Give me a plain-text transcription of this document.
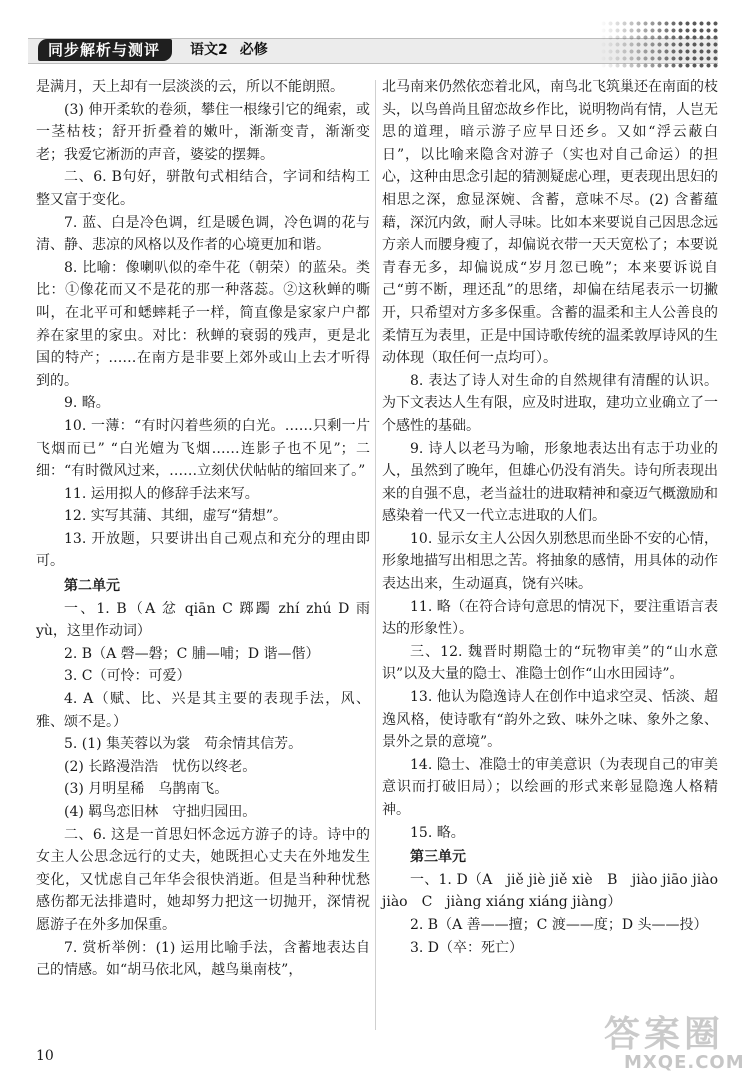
同步解析与测评	语文2 必修

是满月，天上却有一层淡淡的云，所以不能朗照。

(3) 伸开柔软的卷须，攀住一根缘引它的绳索，或一茎枯枝；舒开折叠着的嫩叶，渐渐变青，渐渐变老；我爱它淅沥的声音，婆娑的摆舞。

二、6. B句好，骈散句式相结合，字词和结构工整又富于变化。

7. 蓝、白是冷色调，红是暖色调，冷色调的花与清、静、悲凉的风格以及作者的心境更加和谐。

8. 比喻：像喇叭似的牵牛花（朝荣）的蓝朵。类比：①像花而又不是花的那一种落蕊。②这秋蝉的嘶叫，在北平可和蟋蟀耗子一样，简直像是家家户户都养在家里的家虫。对比：秋蝉的衰弱的残声，更是北国的特产；……在南方是非要上郊外或山上去才听得到的。

9. 略。

10. 一薄：“有时闪着些须的白光。……只剩一片飞烟而已” “白光嬗为飞烟……连影子也不见”；二细：“有时微风过来，……立刻伏伏帖帖的缩回来了。”

11. 运用拟人的修辞手法来写。

12. 实写其蒲、其细，虚写“猜想”。

13. 开放题，只要讲出自己观点和充分的理由即可。

第二单元

一、1. B（A 忿 qiān C 踯躅 zhí zhú D 雨 yù，这里作动词）

2. B（A 磬—磐；C 脯—哺；D 谐—偕）

3. C（可怜：可爱）

4. A（赋、比、兴是其主要的表现手法，风、雅、颂不是。）

5. (1) 集芙蓉以为裳　苟余情其信芳。

(2) 长路漫浩浩　忧伤以终老。

(3) 月明星稀　乌鹊南飞。

(4) 羁鸟恋旧林　守拙归园田。

二、6. 这是一首思妇怀念远方游子的诗。诗中的女主人公思念远行的丈夫，她既担心丈夫在外地发生变化，又忧虑自己年华会很快消逝。但是当种种忧愁感伤都无法排遣时，她却努力把这一切抛开，深情祝愿游子在外多加保重。

7. 赏析举例：(1) 运用比喻手法，含蓄地表达自己的情感。如“胡马依北风，越鸟巢南枝”，

北马南来仍然依恋着北风，南鸟北飞筑巢还在南面的枝头，以鸟兽尚且留恋故乡作比，说明物尚有情，人岂无思的道理，暗示游子应早日还乡。又如“浮云蔽白日”，以比喻来隐含对游子（实也对自己命运）的担心，这种由思念引起的猜测疑虑心理，更表现出思妇的相思之深，愈显深婉、含蓄，意味不尽。(2) 含蓄蕴藉，深沉内敛，耐人寻味。比如本来要说自己因思念远方亲人而腰身瘦了，却偏说衣带一天天宽松了；本要说青春无多，却偏说成“岁月忽已晚”；本来要诉说自己“剪不断，理还乱”的思绪，却偏在结尾表示一切撇开，只希望对方多多保重。含蓄的温柔和主人公善良的柔情互为表里，正是中国诗歌传统的温柔敦厚诗风的生动体现（取任何一点均可）。

8. 表达了诗人对生命的自然规律有清醒的认识。为下文表达人生有限，应及时进取，建功立业确立了一个感性的基础。

9. 诗人以老马为喻，形象地表达出有志于功业的人，虽然到了晚年，但雄心仍没有消失。诗句所表现出来的自强不息，老当益壮的进取精神和豪迈气概激励和感染着一代又一代立志进取的人们。

10. 显示女主人公因久别愁思而坐卧不安的心情，形象地描写出相思之苦。将抽象的感情，用具体的动作表达出来，生动逼真，饶有兴味。

11. 略（在符合诗句意思的情况下，要注重语言表达的形象性）。

三、12. 魏晋时期隐士的“玩物审美”的“山水意识”以及大量的隐士、准隐士创作“山水田园诗”。

13. 他认为隐逸诗人在创作中追求空灵、恬淡、超逸风格，使诗歌有“韵外之致、味外之味、象外之象、景外之景的意境”。

14. 隐士、准隐士的审美意识（为表现自己的审美意识而打破旧局）；以绘画的形式来彰显隐逸人格精神。

15. 略。

第三单元

一、1. D（A　jiě jiè jiě xiè　B　jiào jiāo jiào jiào　C　jiàng xiáng xiáng jiàng）

2. B（A 善——擅；C 渡——度；D 头——投）

3. D（卒：死亡）

10
答案圈
MXQE.COM
